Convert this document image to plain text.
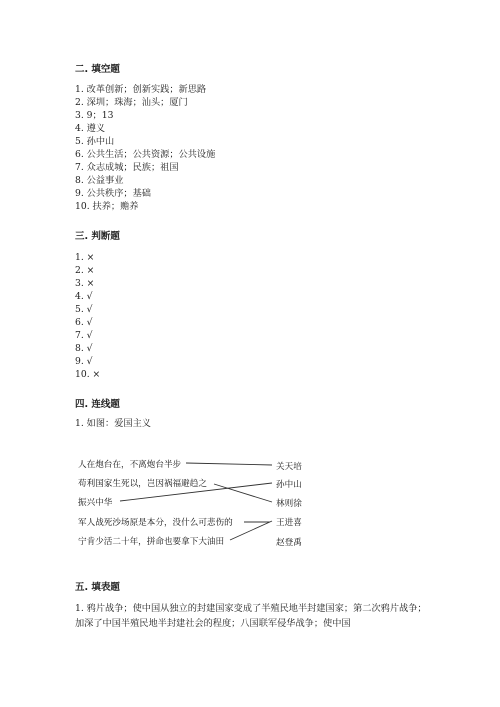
二. 填空题
1. 改革创新；创新实践；新思路
2. 深圳；珠海；汕头；厦门
3. 9；13
4. 遵义
5. 孙中山
6. 公共生活；公共资源；公共设施
7. 众志成城；民族；祖国
8. 公益事业
9. 公共秩序；基础
10. 扶养；赡养
三. 判断题
1. ×
2. ×
3. ×
4. √
5. √
6. √
7. √
8. √
9. √
10. ×
四. 连线题
1. 如图：爱国主义
人在炮台在，不离炮台半步
苟利国家生死以，岂因祸福避趋之
振兴中华
军人战死沙场原是本分，没什么可悲伤的
宁肯少活二十年，拼命也要拿下大油田
关天培
孙中山
林则徐
王进喜
赵登禹
五. 填表题
1. 鸦片战争；使中国从独立的封建国家变成了半殖民地半封建国家；第二次鸦片战争；加深了中国半殖民地半封建社会的程度；八国联军侵华战争；使中国
